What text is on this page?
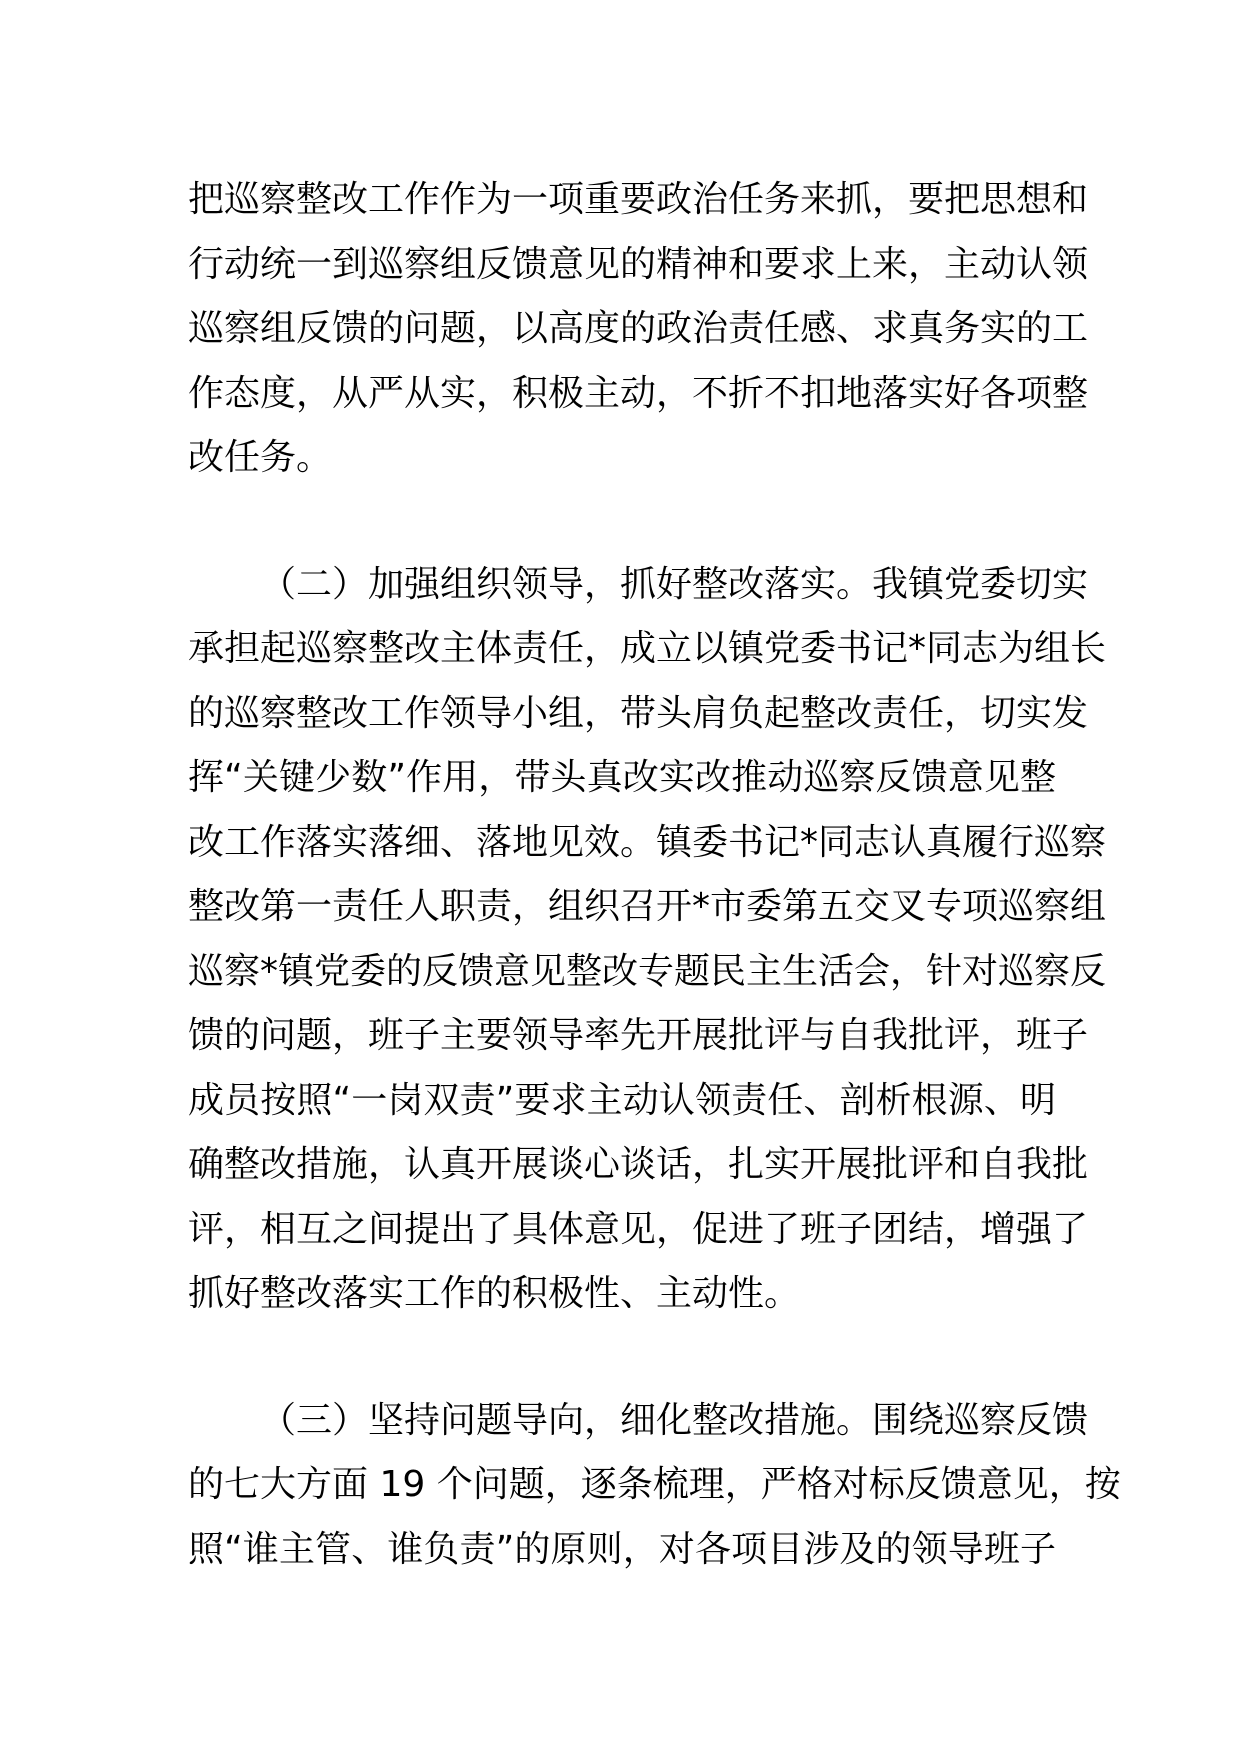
把巡察整改工作作为一项重要政治任务来抓，要把思想和
行动统一到巡察组反馈意见的精神和要求上来，主动认领
巡察组反馈的问题，以高度的政治责任感、求真务实的工
作态度，从严从实，积极主动，不折不扣地落实好各项整
改任务。
（二）加强组织领导，抓好整改落实。我镇党委切实
承担起巡察整改主体责任，成立以镇党委书记*同志为组长
的巡察整改工作领导小组，带头肩负起整改责任，切实发
挥“关键少数”作用，带头真改实改推动巡察反馈意见整
改工作落实落细、落地见效。镇委书记*同志认真履行巡察
整改第一责任人职责，组织召开*市委第五交叉专项巡察组
巡察*镇党委的反馈意见整改专题民主生活会，针对巡察反
馈的问题，班子主要领导率先开展批评与自我批评，班子
成员按照“一岗双责”要求主动认领责任、剖析根源、明
确整改措施，认真开展谈心谈话，扎实开展批评和自我批
评，相互之间提出了具体意见，促进了班子团结，增强了
抓好整改落实工作的积极性、主动性。
（三）坚持问题导向，细化整改措施。围绕巡察反馈
的七大方面 19 个问题，逐条梳理，严格对标反馈意见，按
照“谁主管、谁负责”的原则，对各项目涉及的领导班子
